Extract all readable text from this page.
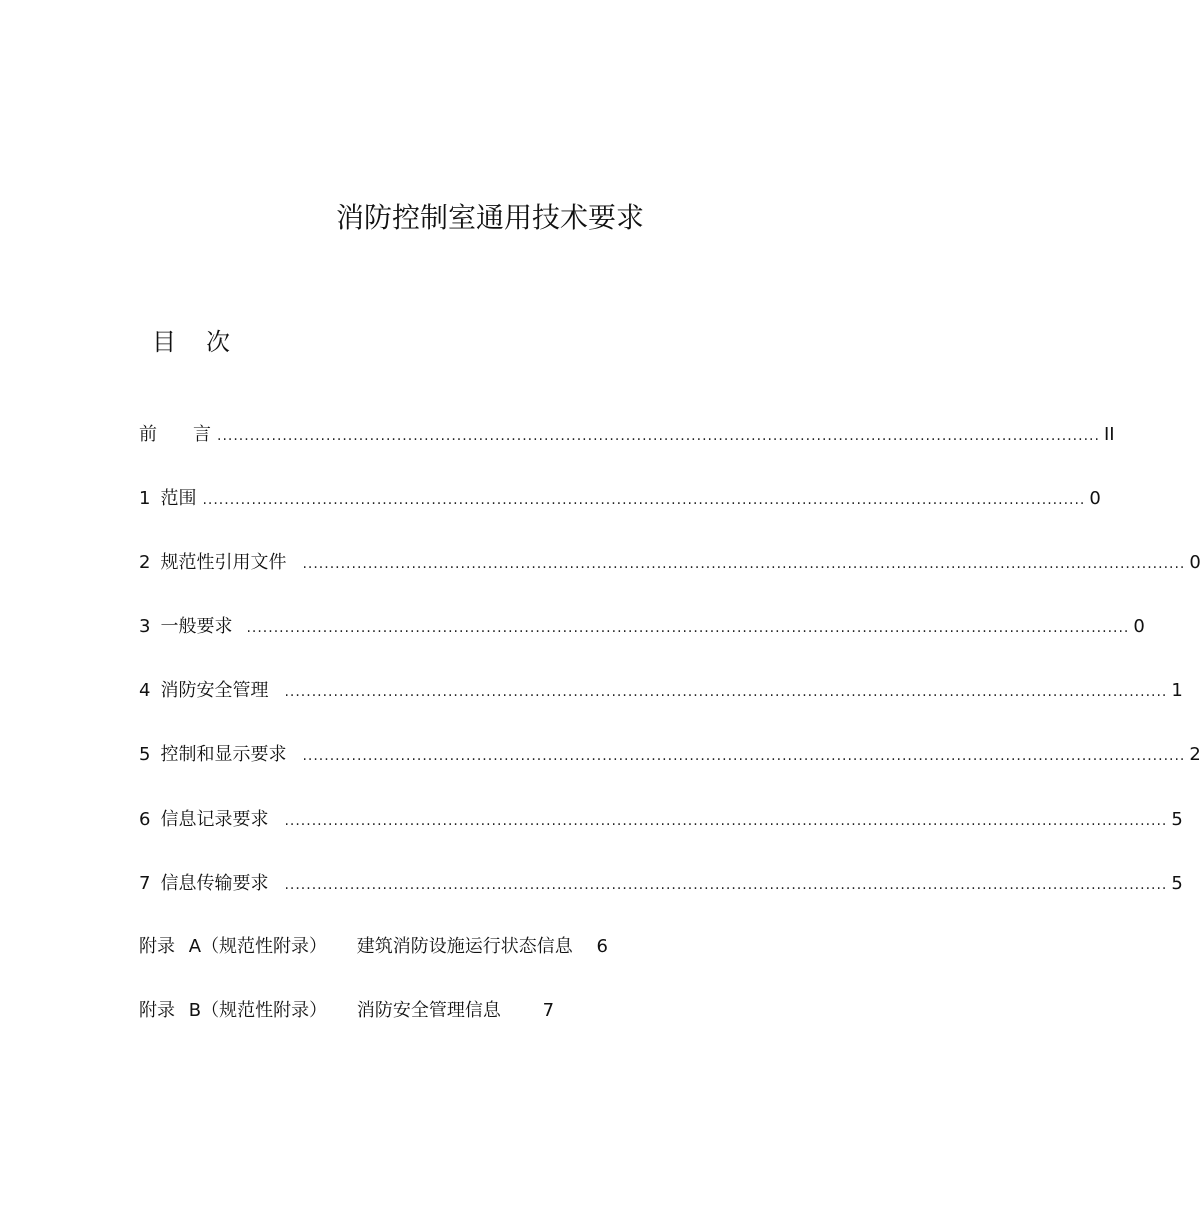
消防控制室通用技术要求
目 次
前　　言 .................................................................................................................................................................. II
1 范围 .................................................................................................................................................................. 0
2 规范性引用文件 .................................................................................................................................................................. 0
3 一般要求 .................................................................................................................................................................. 0
4 消防安全管理 .................................................................................................................................................................. 1
5 控制和显示要求 .................................................................................................................................................................. 2
6 信息记录要求 .................................................................................................................................................................. 5
7 信息传输要求 .................................................................................................................................................................. 5
附录 A（规范性附录） 建筑消防设施运行状态信息 6
附录 B（规范性附录） 消防安全管理信息 7
